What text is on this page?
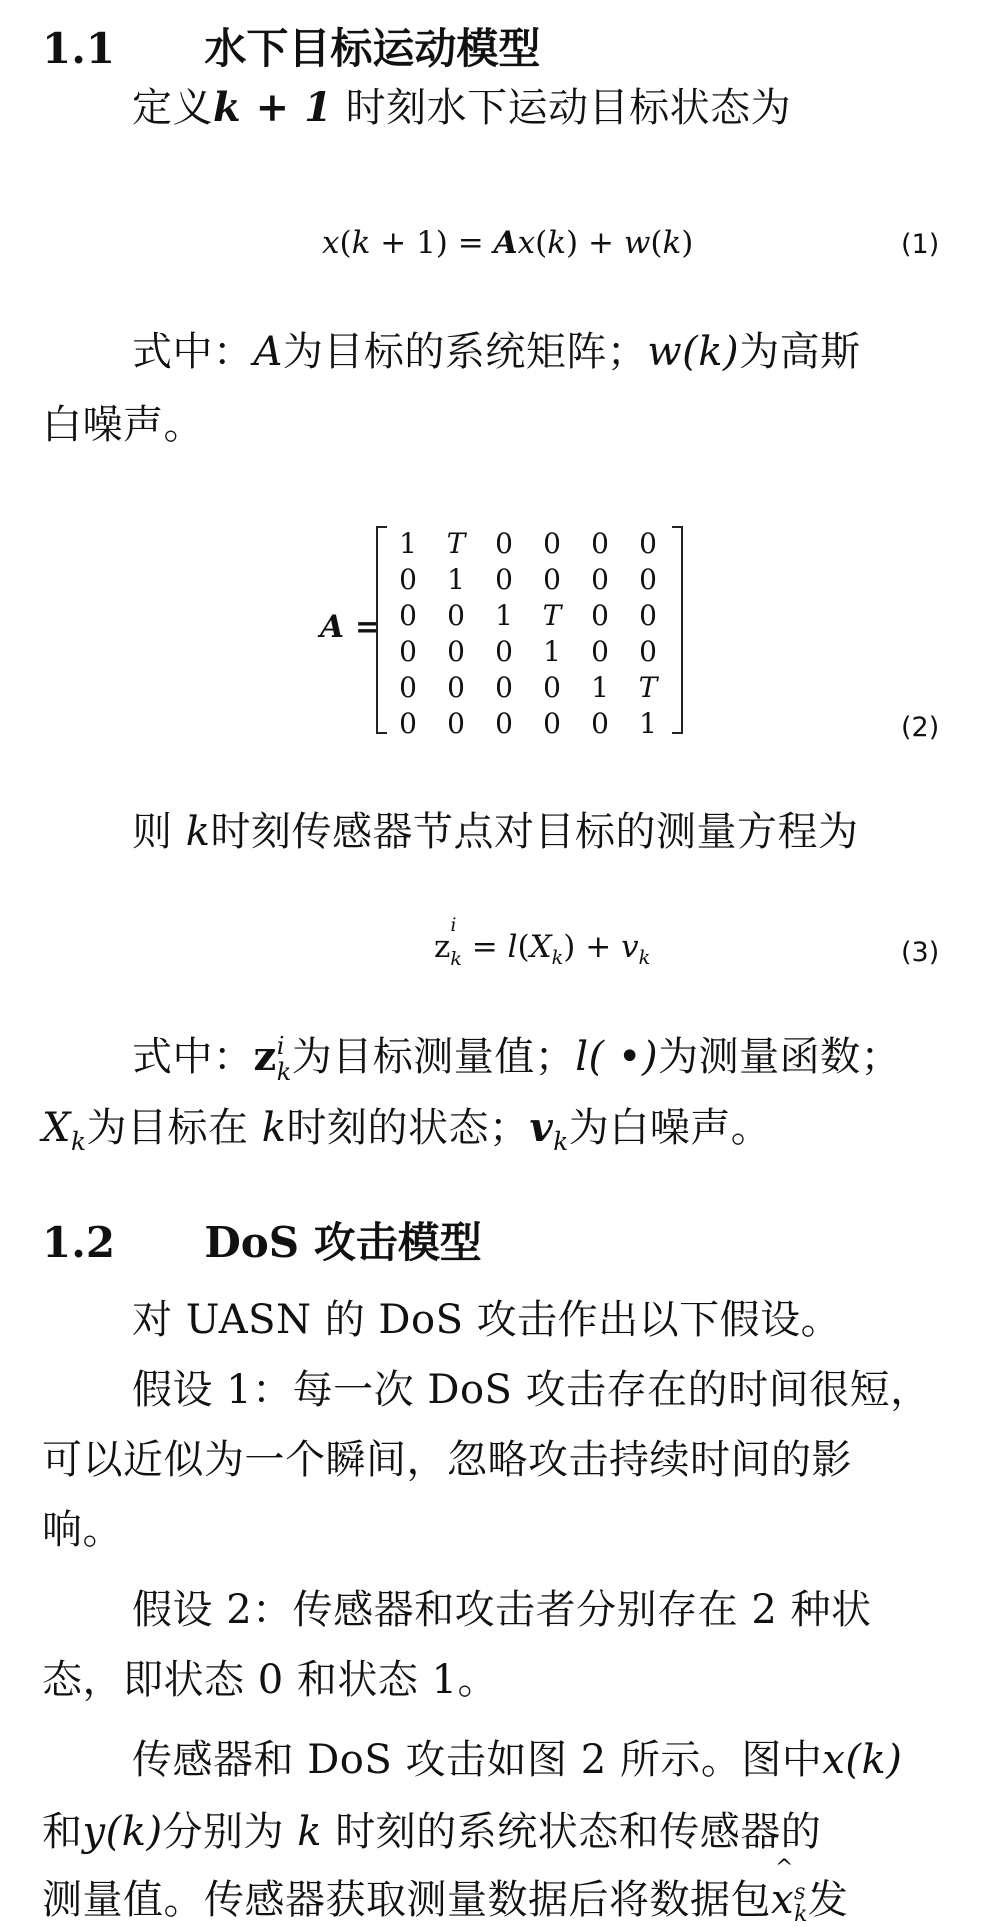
1.1 水下目标运动模型
定义k + 1 时刻水下运动目标状态为
x(k + 1) = Ax(k) + w(k)	(1)
式中：A为目标的系统矩阵；w(k)为高斯
白噪声。
A =
1	T	0	0	0	0
0	1	0	0	0	0
0	0	1	T	0	0
0	0	0	1	0	0
0	0	0	0	1	T
0	0	0	0	0	1	(2)
则 k时刻传感器节点对目标的测量方程为
z
i
$k = l(X_k) + v_k$	(3)
式中：z i
k为目标测量值；l( •)为测量函数；
$X_k$为目标在 k时刻的状态；$v_k$为白噪声。
1.2 DoS 攻击模型
对 UASN 的 DoS 攻击作出以下假设。
假设 1：每一次 DoS 攻击存在的时间很短，
可以近似为一个瞬间，忽略攻击持续时间的影
响。
假设 2：传感器和攻击者分别存在 2 种状
态，即状态 0 和状态 1。
传感器和 DoS 攻击如图 2 所示。图中x(k)
和y(k)分别为 k 时刻的系统状态和传感器的
测量值。传感器获取测量数据后将数据包
^
x s
k发
